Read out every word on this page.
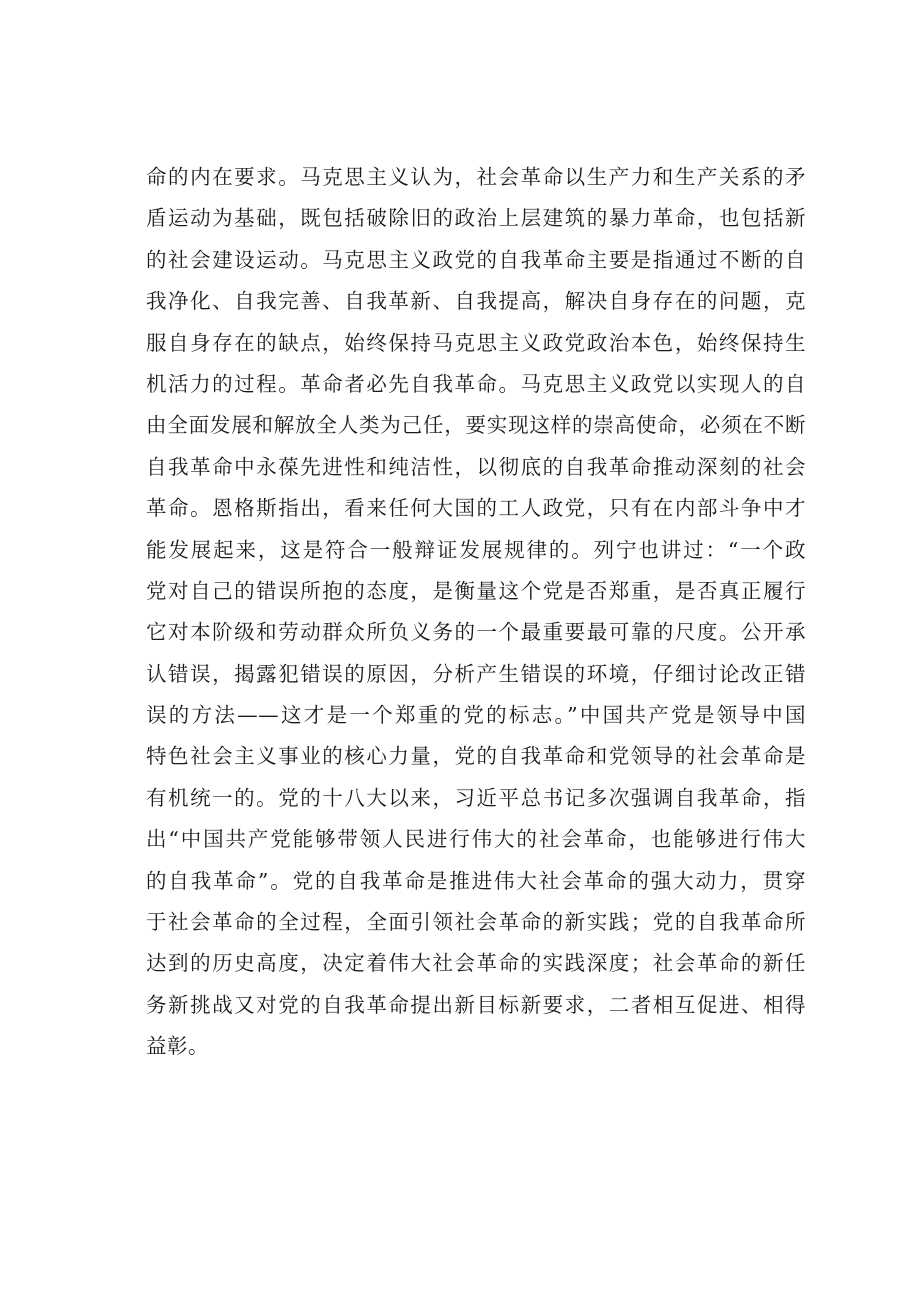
命的内在要求。马克思主义认为，社会革命以生产力和生产关系的矛
盾运动为基础，既包括破除旧的政治上层建筑的暴力革命，也包括新
的社会建设运动。马克思主义政党的自我革命主要是指通过不断的自
我净化、自我完善、自我革新、自我提高，解决自身存在的问题，克
服自身存在的缺点，始终保持马克思主义政党政治本色，始终保持生
机活力的过程。革命者必先自我革命。马克思主义政党以实现人的自
由全面发展和解放全人类为己任，要实现这样的崇高使命，必须在不断
自我革命中永葆先进性和纯洁性，以彻底的自我革命推动深刻的社会
革命。恩格斯指出，看来任何大国的工人政党，只有在内部斗争中才
能发展起来，这是符合一般辩证发展规律的。列宁也讲过：“一个政
党对自己的错误所抱的态度，是衡量这个党是否郑重，是否真正履行
它对本阶级和劳动群众所负义务的一个最重要最可靠的尺度。公开承
认错误，揭露犯错误的原因，分析产生错误的环境，仔细讨论改正错
误的方法——这才是一个郑重的党的标志。”中国共产党是领导中国
特色社会主义事业的核心力量，党的自我革命和党领导的社会革命是
有机统一的。党的十八大以来，习近平总书记多次强调自我革命，指
出“中国共产党能够带领人民进行伟大的社会革命，也能够进行伟大
的自我革命”。党的自我革命是推进伟大社会革命的强大动力，贯穿
于社会革命的全过程，全面引领社会革命的新实践；党的自我革命所
达到的历史高度，决定着伟大社会革命的实践深度；社会革命的新任
务新挑战又对党的自我革命提出新目标新要求，二者相互促进、相得
益彰。
